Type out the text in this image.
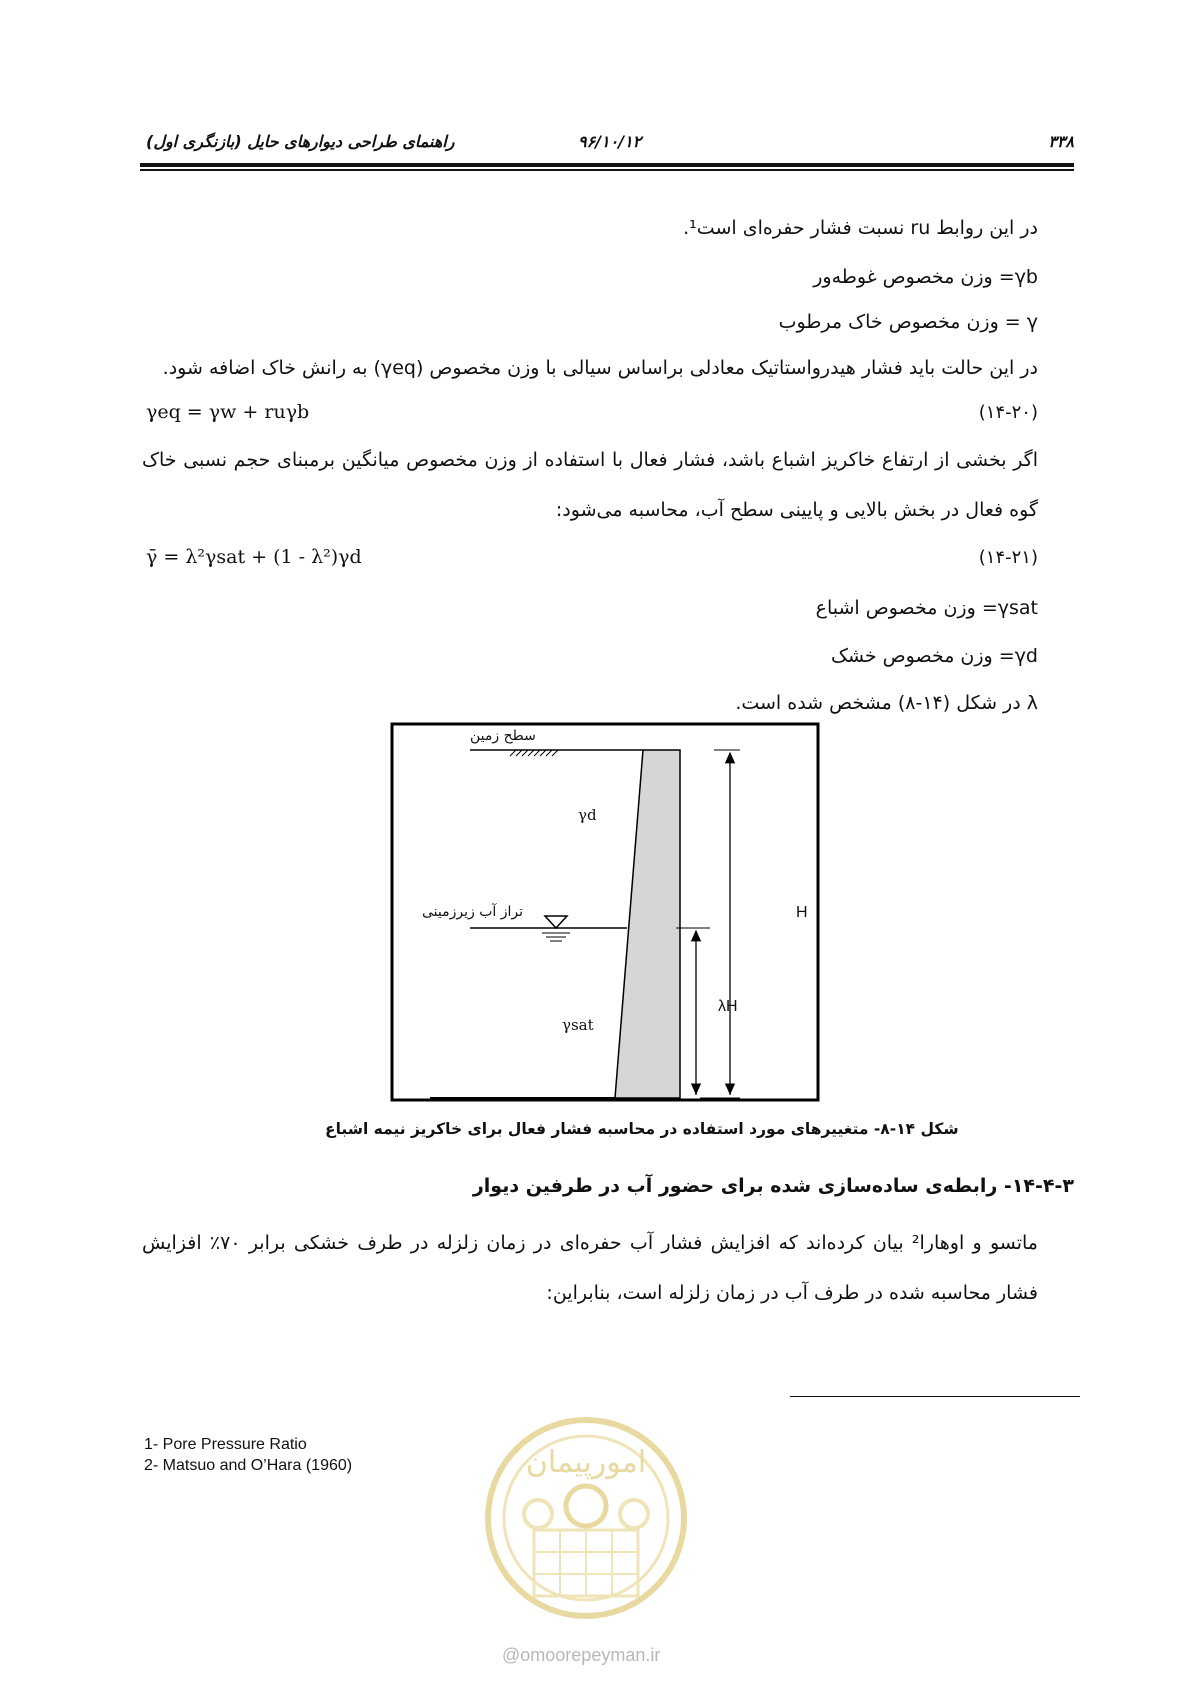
۳۳۸
۹۶/۱۰/۱۲
راهنمای طراحی دیوارهای حایل (بازنگری اول)
در این روابط ru نسبت فشار حفره‌ای است¹.
γb= وزن مخصوص غوطه‌ور
γ = وزن مخصوص خاک مرطوب
در این حالت باید فشار هیدرواستاتیک معادلی براساس سیالی با وزن مخصوص (γeq) به رانش خاک اضافه شود.
γeq = γw + ruγb	(۱۴-۲۰)
اگر بخشی از ارتفاع خاکریز اشباع باشد، فشار فعال با استفاده از وزن مخصوص میانگین برمبنای حجم نسبی خاک گوه فعال در بخش بالایی و پایینی سطح آب، محاسبه می‌شود:
γ̄ = λ²γsat + (1 - λ²)γd	(۱۴-۲۱)
γsat= وزن مخصوص اشباع
γd= وزن مخصوص خشک
λ در شکل (۱۴-۸) مشخص شده است.
سطح زمین
تراز آب زیرزمینی
γd
γsat
H
λH
شکل ۱۴-۸- متغییرهای مورد استفاده در محاسبه فشار فعال برای خاکریز نیمه اشباع
۱۴-۴-۳- رابطه‌ی ساده‌سازی شده برای حضور آب در طرفین دیوار
ماتسو و اوهارا² بیان کرده‌اند که افزایش فشار آب حفره‌ای در زمان زلزله در طرف خشکی برابر ۷۰٪ افزایش فشار محاسبه شده در طرف آب در زمان زلزله است، بنابراین:
امورپیمان
@omoorepeyman.ir
1- Pore Pressure Ratio
2- Matsuo and O’Hara (1960)
